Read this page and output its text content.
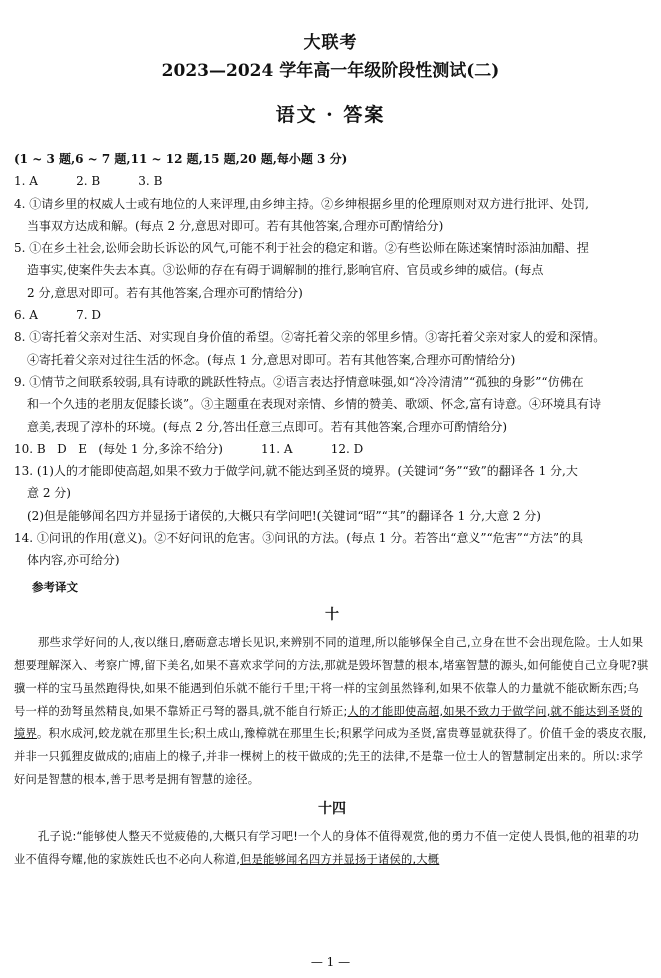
大联考
2023—2024 学年高一年级阶段性测试(二)
语文 · 答案
(1 ~ 3 题,6 ~ 7 题,11 ~ 12 题,15 题,20 题,每小题 3 分)
1. A          2. B          3. B
4. ①请乡里的权威人士或有地位的人来评理,由乡绅主持。②乡绅根据乡里的伦理原则对双方进行批评、处罚,
当事双方达成和解。(每点 2 分,意思对即可。若有其他答案,合理亦可酌情给分)
5. ①在乡土社会,讼师会助长诉讼的风气,可能不利于社会的稳定和谐。②有些讼师在陈述案情时添油加醋、捏
造事实,使案件失去本真。③讼师的存在有碍于调解制的推行,影响官府、官员或乡绅的威信。(每点
2 分,意思对即可。若有其他答案,合理亦可酌情给分)
6. A          7. D
8. ①寄托着父亲对生活、对实现自身价值的希望。②寄托着父亲的邻里乡情。③寄托着父亲对家人的爱和深情。
④寄托着父亲对过往生活的怀念。(每点 1 分,意思对即可。若有其他答案,合理亦可酌情给分)
9. ①情节之间联系较弱,具有诗歌的跳跃性特点。②语言表达抒情意味强,如“冷冷清清”“孤独的身影”“仿佛在
和一个久违的老朋友促膝长谈”。③主题重在表现对亲情、乡情的赞美、歌颂、怀念,富有诗意。④环境具有诗
意美,表现了淳朴的环境。(每点 2 分,答出任意三点即可。若有其他答案,合理亦可酌情给分)
10. B   D   E   (每处 1 分,多涂不给分)          11. A          12. D
13. (1)人的才能即使高超,如果不致力于做学问,就不能达到圣贤的境界。(关键词“务”“致”的翻译各 1 分,大
意 2 分)
(2)但是能够闻名四方并显扬于诸侯的,大概只有学问吧!(关键词“昭”“其”的翻译各 1 分,大意 2 分)
14. ①问讯的作用(意义)。②不好问讯的危害。③问讯的方法。(每点 1 分。若答出“意义”“危害”“方法”的具
体内容,亦可给分)
参考译文
十

那些求学好问的人,夜以继日,磨砺意志增长见识,来辨别不同的道理,所以能够保全自己,立身在世不会出现危险。士人如果想要理解深入、考察广博,留下美名,如果不喜欢求学问的方法,那就是毁坏智慧的根本,堵塞智慧的源头,如何能使自己立身呢?骐骥一样的宝马虽然跑得快,如果不能遇到伯乐就不能行千里;干将一样的宝剑虽然锋利,如果不依靠人的力量就不能砍断东西;乌号一样的劲弩虽然精良,如果不靠矫正弓弩的器具,就不能自行矫正;人的才能即使高超,如果不致力于做学问,就不能达到圣贤的境界。积水成河,蛟龙就在那里生长;积土成山,豫樟就在那里生长;积累学问成为圣贤,富贵尊显就获得了。价值千金的裘皮衣服,并非一只狐狸皮做成的;庙庙上的椽子,并非一棵树上的枝干做成的;先王的法律,不是靠一位士人的智慧制定出来的。所以:求学好问是智慧的根本,善于思考是拥有智慧的途径。

十四

孔子说:“能够使人整天不觉疲倦的,大概只有学习吧!一个人的身体不值得观赏,他的勇力不值一定使人畏惧,他的祖辈的功业不值得夸耀,他的家族姓氏也不必向人称道,但是能够闻名四方并显扬于诸侯的,大概

— 1 —
